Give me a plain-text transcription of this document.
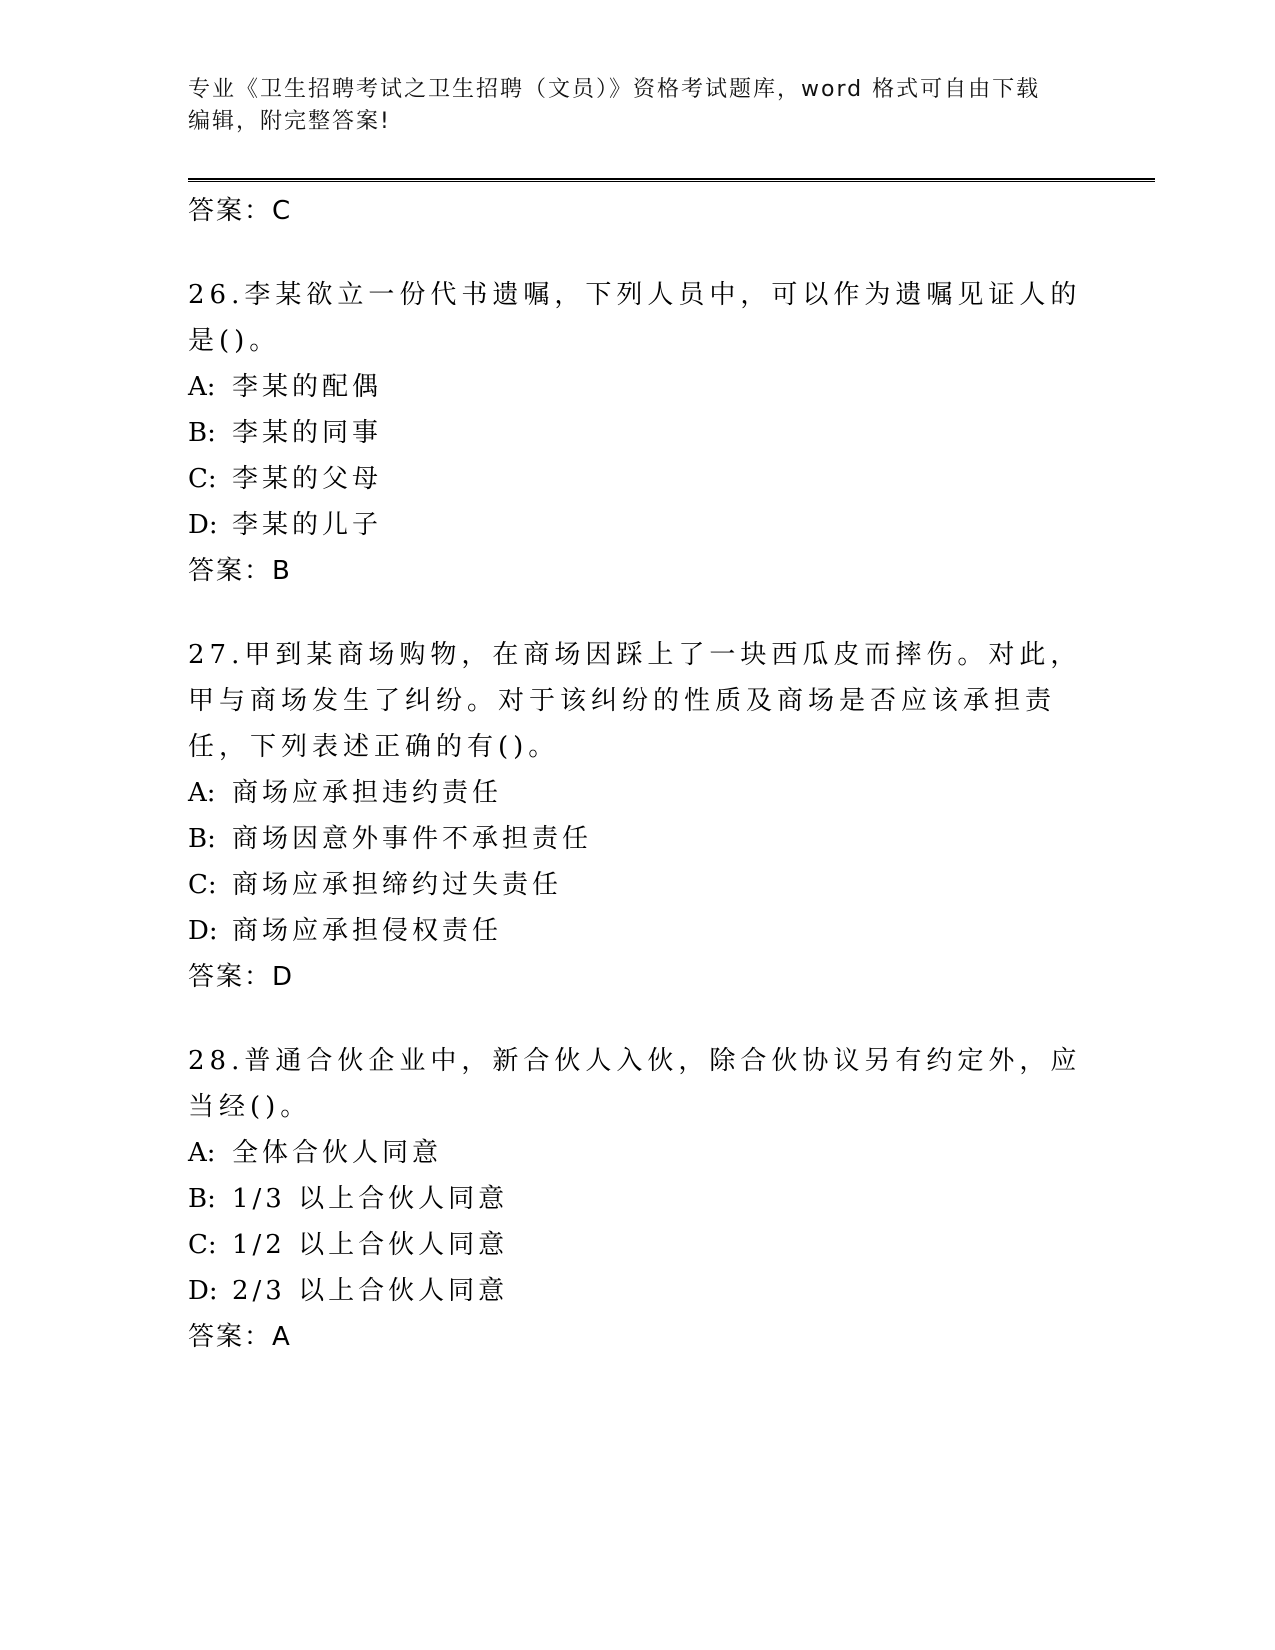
专业《卫生招聘考试之卫生招聘（文员）》资格考试题库，word 格式可自由下载
编辑，附完整答案!

答案：C

26.李某欲立一份代书遗嘱，下列人员中，可以作为遗嘱见证人的是()。

A: 李某的配偶

B: 李某的同事

C: 李某的父母

D: 李某的儿子

答案：B

27.甲到某商场购物，在商场因踩上了一块西瓜皮而摔伤。对此，甲与商场发生了纠纷。对于该纠纷的性质及商场是否应该承担责任，下列表述正确的有()。

A: 商场应承担违约责任

B: 商场因意外事件不承担责任

C: 商场应承担缔约过失责任

D: 商场应承担侵权责任

答案：D

28.普通合伙企业中，新合伙人入伙，除合伙协议另有约定外，应当经()。

A: 全体合伙人同意

B: 1/3 以上合伙人同意

C: 1/2 以上合伙人同意

D: 2/3 以上合伙人同意

答案：A
